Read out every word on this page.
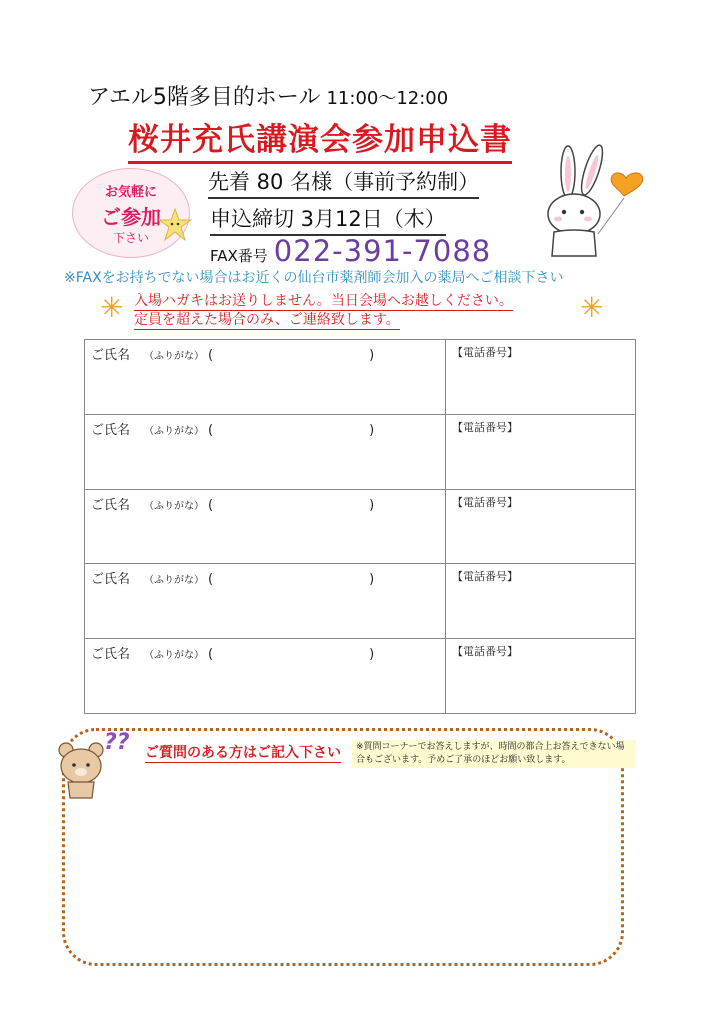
アエル5階多目的ホール 11:00～12:00
桜井充氏講演会参加申込書
お気軽に
ご参加
下さい
先着 80 名様（事前予約制）
申込締切 3月12日（木）
FAX番号 022-391-7088
※FAXをお持ちでない場合はお近くの仙台市薬剤師会加入の薬局へご相談下さい
✳ 入場ハガキはお送りしません。当日会場へお越しください。
定員を超えた場合のみ、ご連絡致します。	✳
ご氏名 （ふりがな） ( )	【電話番号】
ご氏名 （ふりがな） ( )	【電話番号】
ご氏名 （ふりがな） ( )	【電話番号】
ご氏名 （ふりがな） ( )	【電話番号】
ご氏名 （ふりがな） ( )	【電話番号】
?? ご質問のある方はご記入下さい	※質問コーナーでお答えしますが、時間の都合上お答えできない場合もございます。予めご了承のほどお願い致します。
